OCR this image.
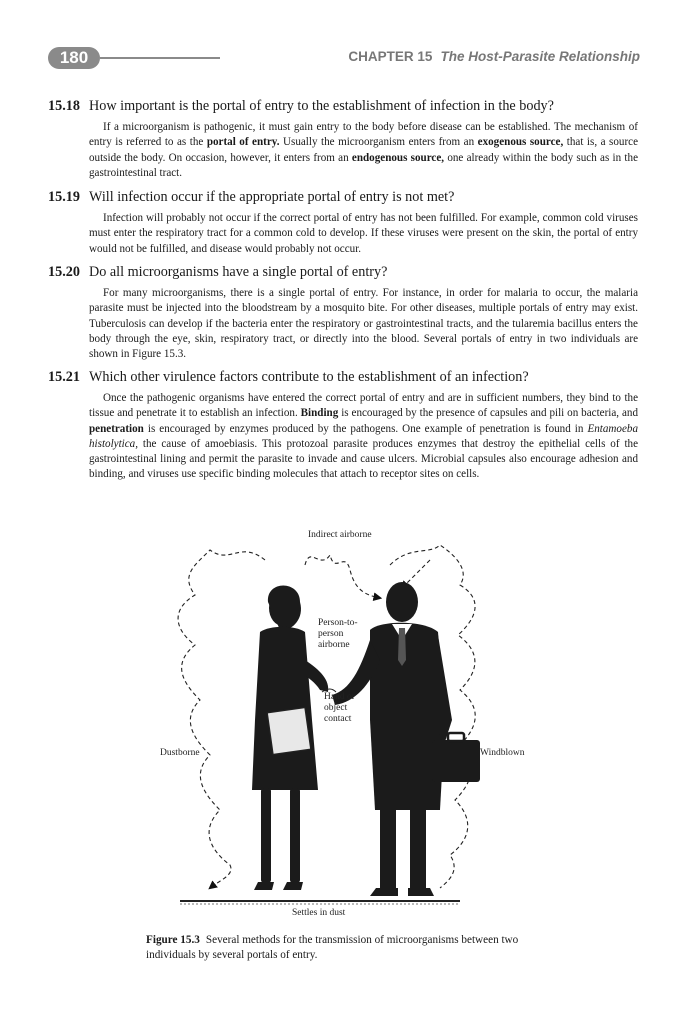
180	CHAPTER 15 The Host-Parasite Relationship
15.18 How important is the portal of entry to the establishment of infection in the body?
If a microorganism is pathogenic, it must gain entry to the body before disease can be established. The mechanism of entry is referred to as the portal of entry. Usually the microorganism enters from an exogenous source, that is, a source outside the body. On occasion, however, it enters from an endogenous source, one already within the body such as in the gastrointestinal tract.
15.19 Will infection occur if the appropriate portal of entry is not met?
Infection will probably not occur if the correct portal of entry has not been fulfilled. For example, common cold viruses must enter the respiratory tract for a common cold to develop. If these viruses were present on the skin, the portal of entry would not be fulfilled, and disease would probably not occur.
15.20 Do all microorganisms have a single portal of entry?
For many microorganisms, there is a single portal of entry. For instance, in order for malaria to occur, the malaria parasite must be injected into the bloodstream by a mosquito bite. For other diseases, multiple portals of entry may exist. Tuberculosis can develop if the bacteria enter the respiratory or gastrointestinal tracts, and the tularemia bacillus enters the body through the eye, skin, respiratory tract, or directly into the blood. Several portals of entry in two individuals are shown in Figure 15.3.
15.21 Which other virulence factors contribute to the establishment of an infection?
Once the pathogenic organisms have entered the correct portal of entry and are in sufficient numbers, they bind to the tissue and penetrate it to establish an infection. Binding is encouraged by the presence of capsules and pili on bacteria, and penetration is encouraged by enzymes produced by the pathogens. One example of penetration is found in Entamoeba histolytica, the cause of amoebiasis. This protozoal parasite produces enzymes that destroy the epithelial cells of the gastrointestinal lining and permit the parasite to invade and cause ulcers. Microbial capsules also encourage adhesion and binding, and viruses use specific binding molecules that attach to receptor sites on cells.
Indirect airborne
Person-to-
person
airborne
Hand or
object
contact
Dustborne	Windblown
Settles in dust
Figure 15.3 Several methods for the transmission of microorganisms between two individuals by several portals of entry.
